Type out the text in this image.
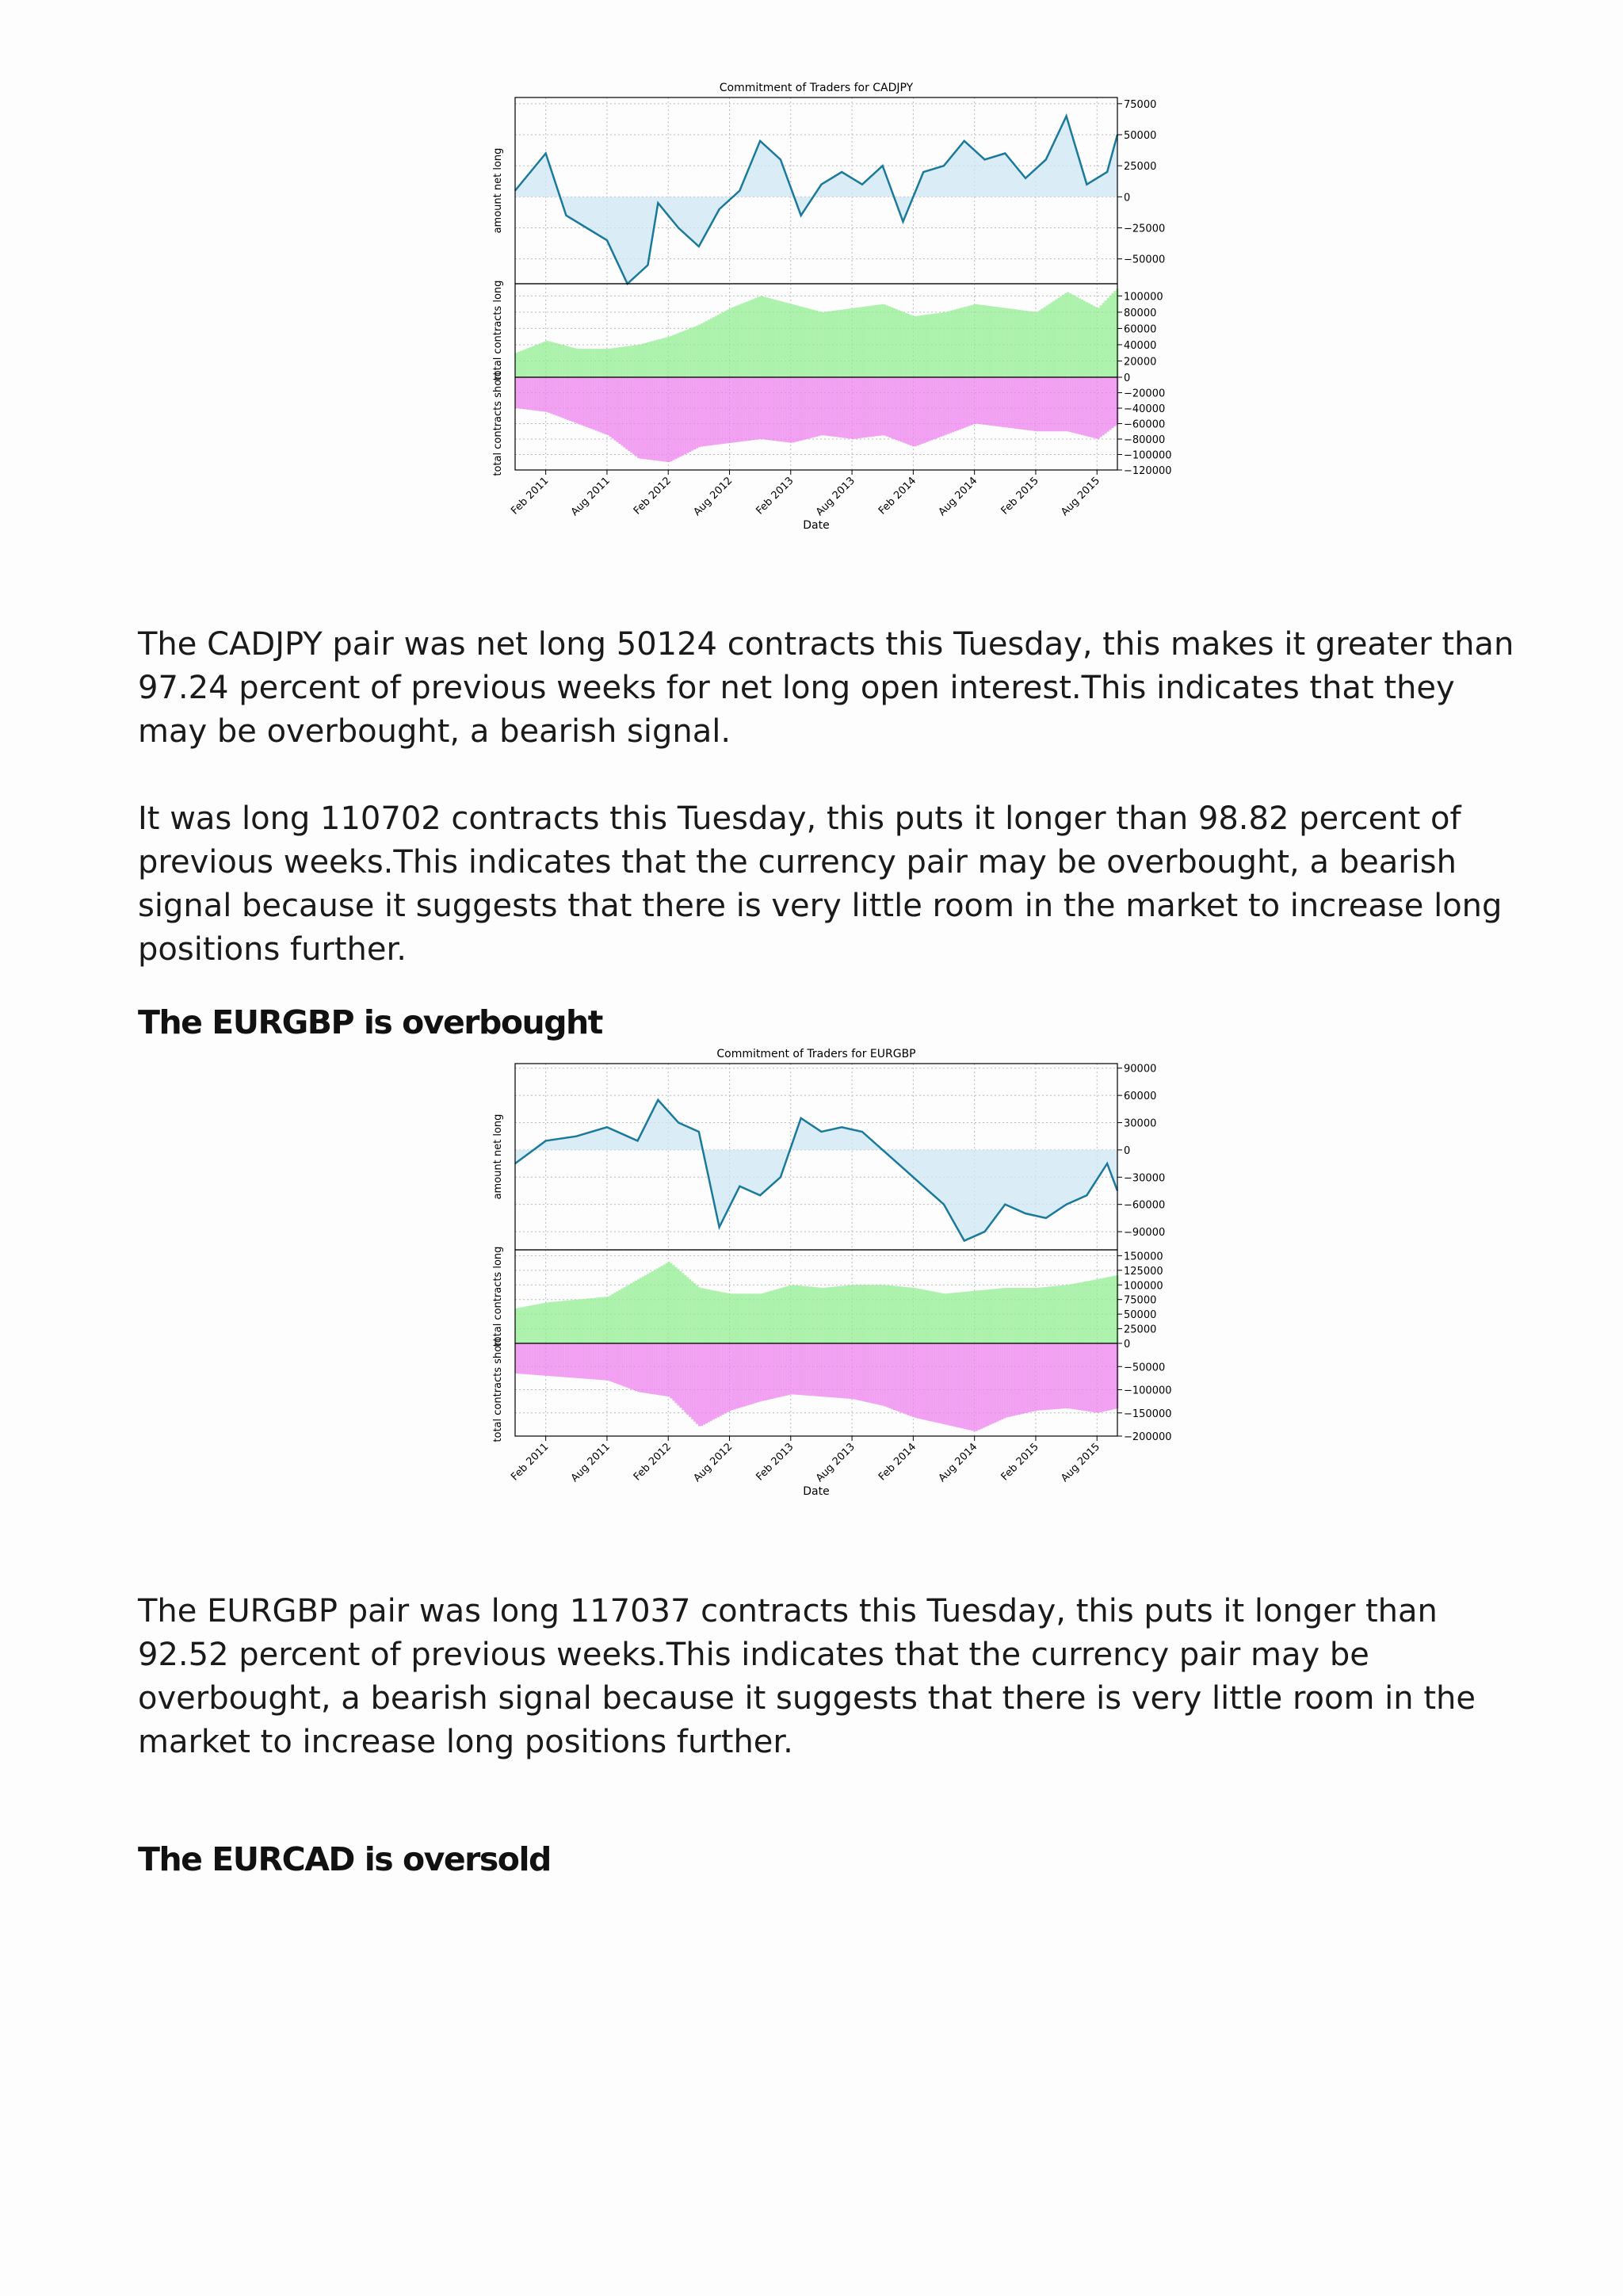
Commitment of Traders for CADJPY
75000
50000
25000
0
−25000
−50000
amount net long
100000
80000
60000
40000
20000
0
total contracts long
−20000
−40000
−60000
−80000
−100000
−120000
total contracts short
Feb 2011 Aug 2011 Feb 2012 Aug 2012 Feb 2013 Aug 2013 Feb 2014 Aug 2014 Feb 2015 Aug 2015
Date

The CADJPY pair was net long 50124 contracts this Tuesday, this makes it greater than 97.24 percent of previous weeks for net long open interest.This indicates that they may be overbought, a bearish signal.

It was long 110702 contracts this Tuesday, this puts it longer than 98.82 percent of previous weeks.This indicates that the currency pair may be overbought, a bearish signal because it suggests that there is very little room in the market to increase long positions further.

The EURGBP is overbought
Commitment of Traders for EURGBP
90000
60000
30000
0
−30000
−60000
−90000
amount net long
150000
125000
100000
75000
50000
25000
0
total contracts long
−50000
−100000
−150000
−200000
total contracts short
Feb 2011 Aug 2011 Feb 2012 Aug 2012 Feb 2013 Aug 2013 Feb 2014 Aug 2014 Feb 2015 Aug 2015
Date

The EURGBP pair was long 117037 contracts this Tuesday, this puts it longer than 92.52 percent of previous weeks.This indicates that the currency pair may be overbought, a bearish signal because it suggests that there is very little room in the market to increase long positions further.

The EURCAD is oversold
